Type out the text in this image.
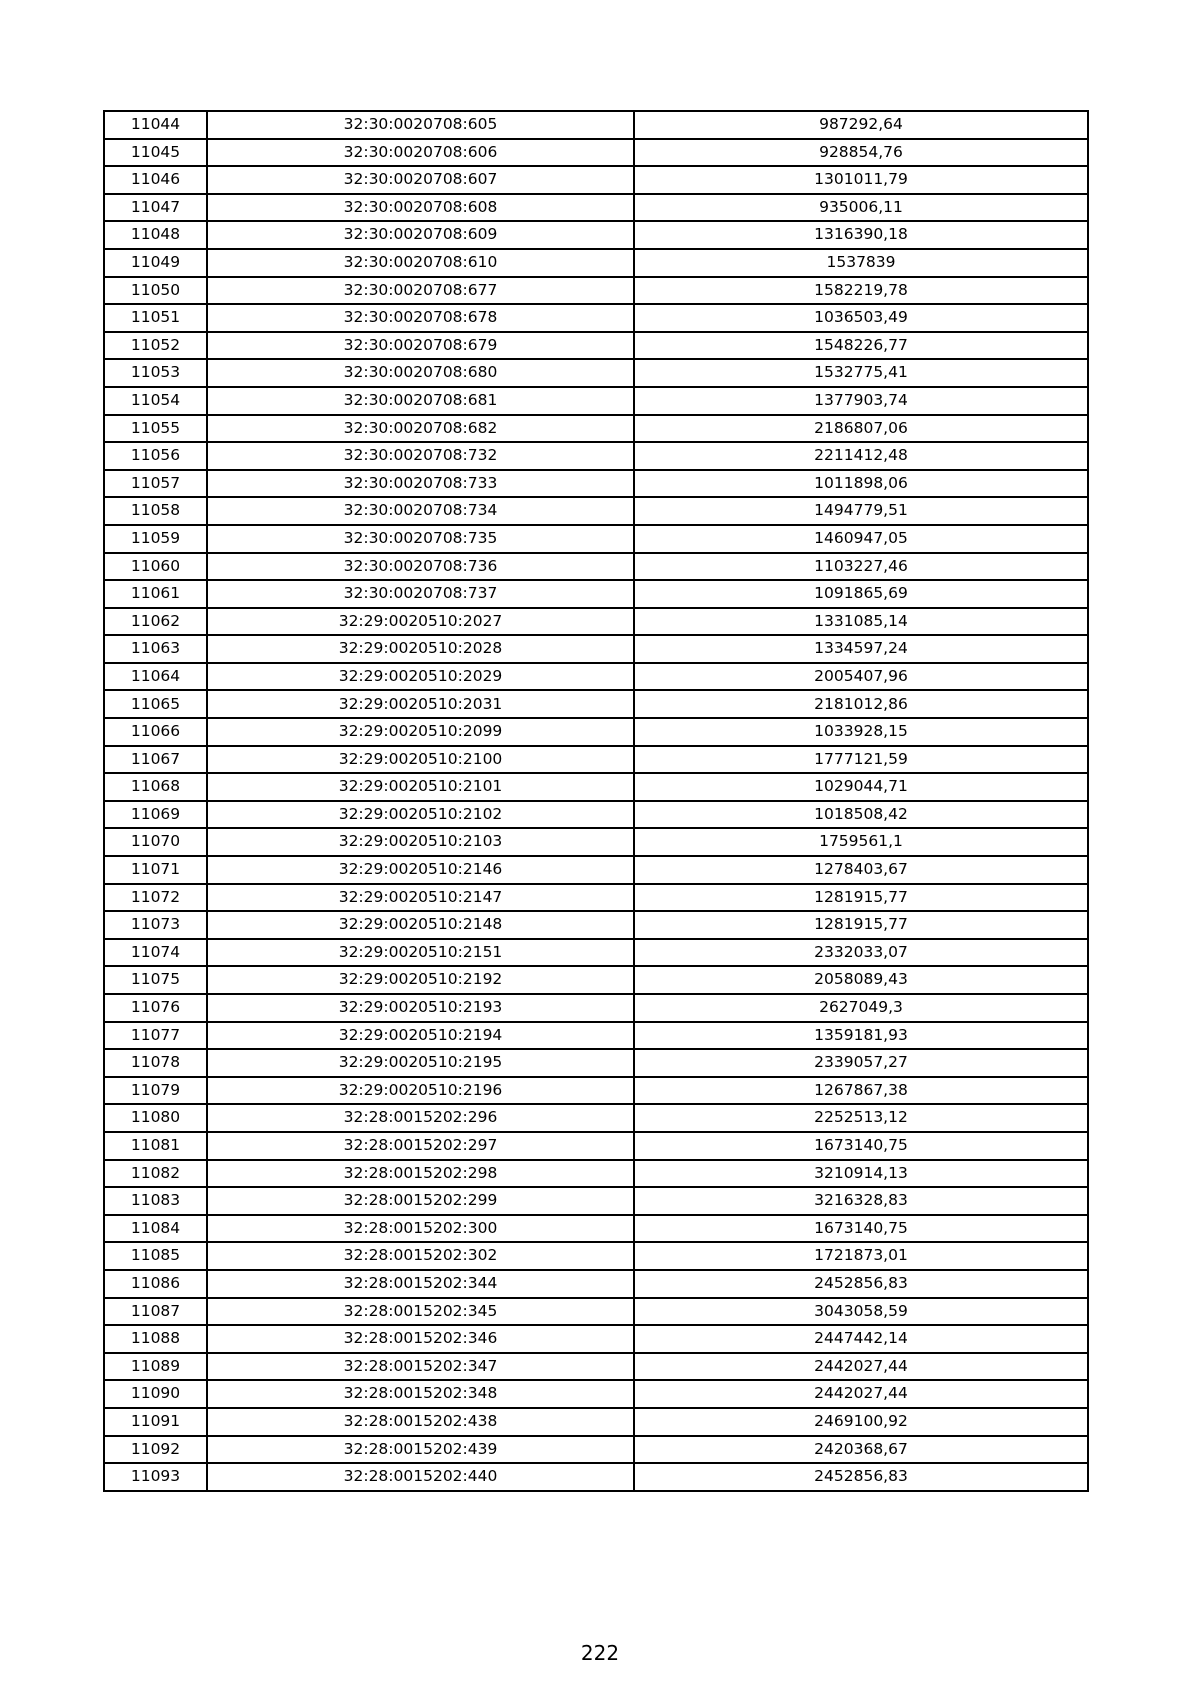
11044	32:30:0020708:605	987292,64
11045	32:30:0020708:606	928854,76
11046	32:30:0020708:607	1301011,79
11047	32:30:0020708:608	935006,11
11048	32:30:0020708:609	1316390,18
11049	32:30:0020708:610	1537839
11050	32:30:0020708:677	1582219,78
11051	32:30:0020708:678	1036503,49
11052	32:30:0020708:679	1548226,77
11053	32:30:0020708:680	1532775,41
11054	32:30:0020708:681	1377903,74
11055	32:30:0020708:682	2186807,06
11056	32:30:0020708:732	2211412,48
11057	32:30:0020708:733	1011898,06
11058	32:30:0020708:734	1494779,51
11059	32:30:0020708:735	1460947,05
11060	32:30:0020708:736	1103227,46
11061	32:30:0020708:737	1091865,69
11062	32:29:0020510:2027	1331085,14
11063	32:29:0020510:2028	1334597,24
11064	32:29:0020510:2029	2005407,96
11065	32:29:0020510:2031	2181012,86
11066	32:29:0020510:2099	1033928,15
11067	32:29:0020510:2100	1777121,59
11068	32:29:0020510:2101	1029044,71
11069	32:29:0020510:2102	1018508,42
11070	32:29:0020510:2103	1759561,1
11071	32:29:0020510:2146	1278403,67
11072	32:29:0020510:2147	1281915,77
11073	32:29:0020510:2148	1281915,77
11074	32:29:0020510:2151	2332033,07
11075	32:29:0020510:2192	2058089,43
11076	32:29:0020510:2193	2627049,3
11077	32:29:0020510:2194	1359181,93
11078	32:29:0020510:2195	2339057,27
11079	32:29:0020510:2196	1267867,38
11080	32:28:0015202:296	2252513,12
11081	32:28:0015202:297	1673140,75
11082	32:28:0015202:298	3210914,13
11083	32:28:0015202:299	3216328,83
11084	32:28:0015202:300	1673140,75
11085	32:28:0015202:302	1721873,01
11086	32:28:0015202:344	2452856,83
11087	32:28:0015202:345	3043058,59
11088	32:28:0015202:346	2447442,14
11089	32:28:0015202:347	2442027,44
11090	32:28:0015202:348	2442027,44
11091	32:28:0015202:438	2469100,92
11092	32:28:0015202:439	2420368,67
11093	32:28:0015202:440	2452856,83
222
